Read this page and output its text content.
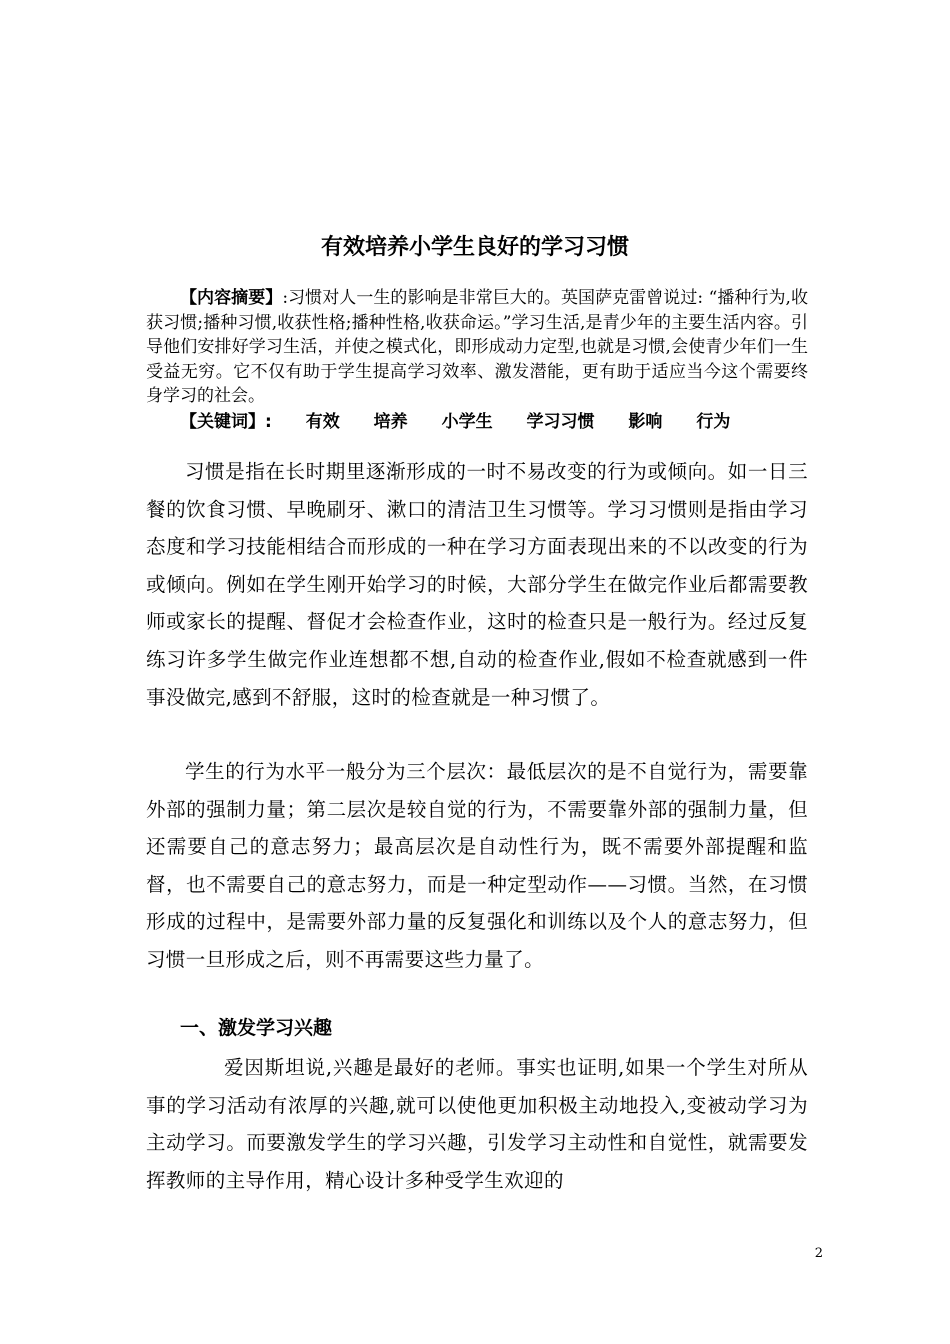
有效培养小学生良好的学习习惯

【内容摘要】:习惯对人一生的影响是非常巨大的。英国萨克雷曾说过: “播种行为,收获习惯;播种习惯,收获性格;播种性格,收获命运。”学习生活,是青少年的主要生活内容。引导他们安排好学习生活，并使之模式化，即形成动力定型,也就是习惯,会使青少年们一生受益无穷。它不仅有助于学生提高学习效率、激发潜能，更有助于适应当今这个需要终身学习的社会。

【关键词】: 有效 培养 小学生 学习习惯 影响 行为

习惯是指在长时期里逐渐形成的一时不易改变的行为或倾向。如一日三餐的饮食习惯、早晚刷牙、漱口的清洁卫生习惯等。学习习惯则是指由学习态度和学习技能相结合而形成的一种在学习方面表现出来的不以改变的行为或倾向。例如在学生刚开始学习的时候，大部分学生在做完作业后都需要教师或家长的提醒、督促才会检查作业，这时的检查只是一般行为。经过反复练习许多学生做完作业连想都不想,自动的检查作业,假如不检查就感到一件事没做完,感到不舒服，这时的检查就是一种习惯了。

学生的行为水平一般分为三个层次：最低层次的是不自觉行为，需要靠外部的强制力量；第二层次是较自觉的行为，不需要靠外部的强制力量，但还需要自己的意志努力；最高层次是自动性行为，既不需要外部提醒和监督，也不需要自己的意志努力，而是一种定型动作——习惯。当然，在习惯形成的过程中，是需要外部力量的反复强化和训练以及个人的意志努力，但习惯一旦形成之后，则不再需要这些力量了。

一、激发学习兴趣

爱因斯坦说,兴趣是最好的老师。事实也证明,如果一个学生对所从事的学习活动有浓厚的兴趣,就可以使他更加积极主动地投入,变被动学习为主动学习。而要激发学生的学习兴趣，引发学习主动性和自觉性，就需要发挥教师的主导作用，精心设计多种受学生欢迎的

2
